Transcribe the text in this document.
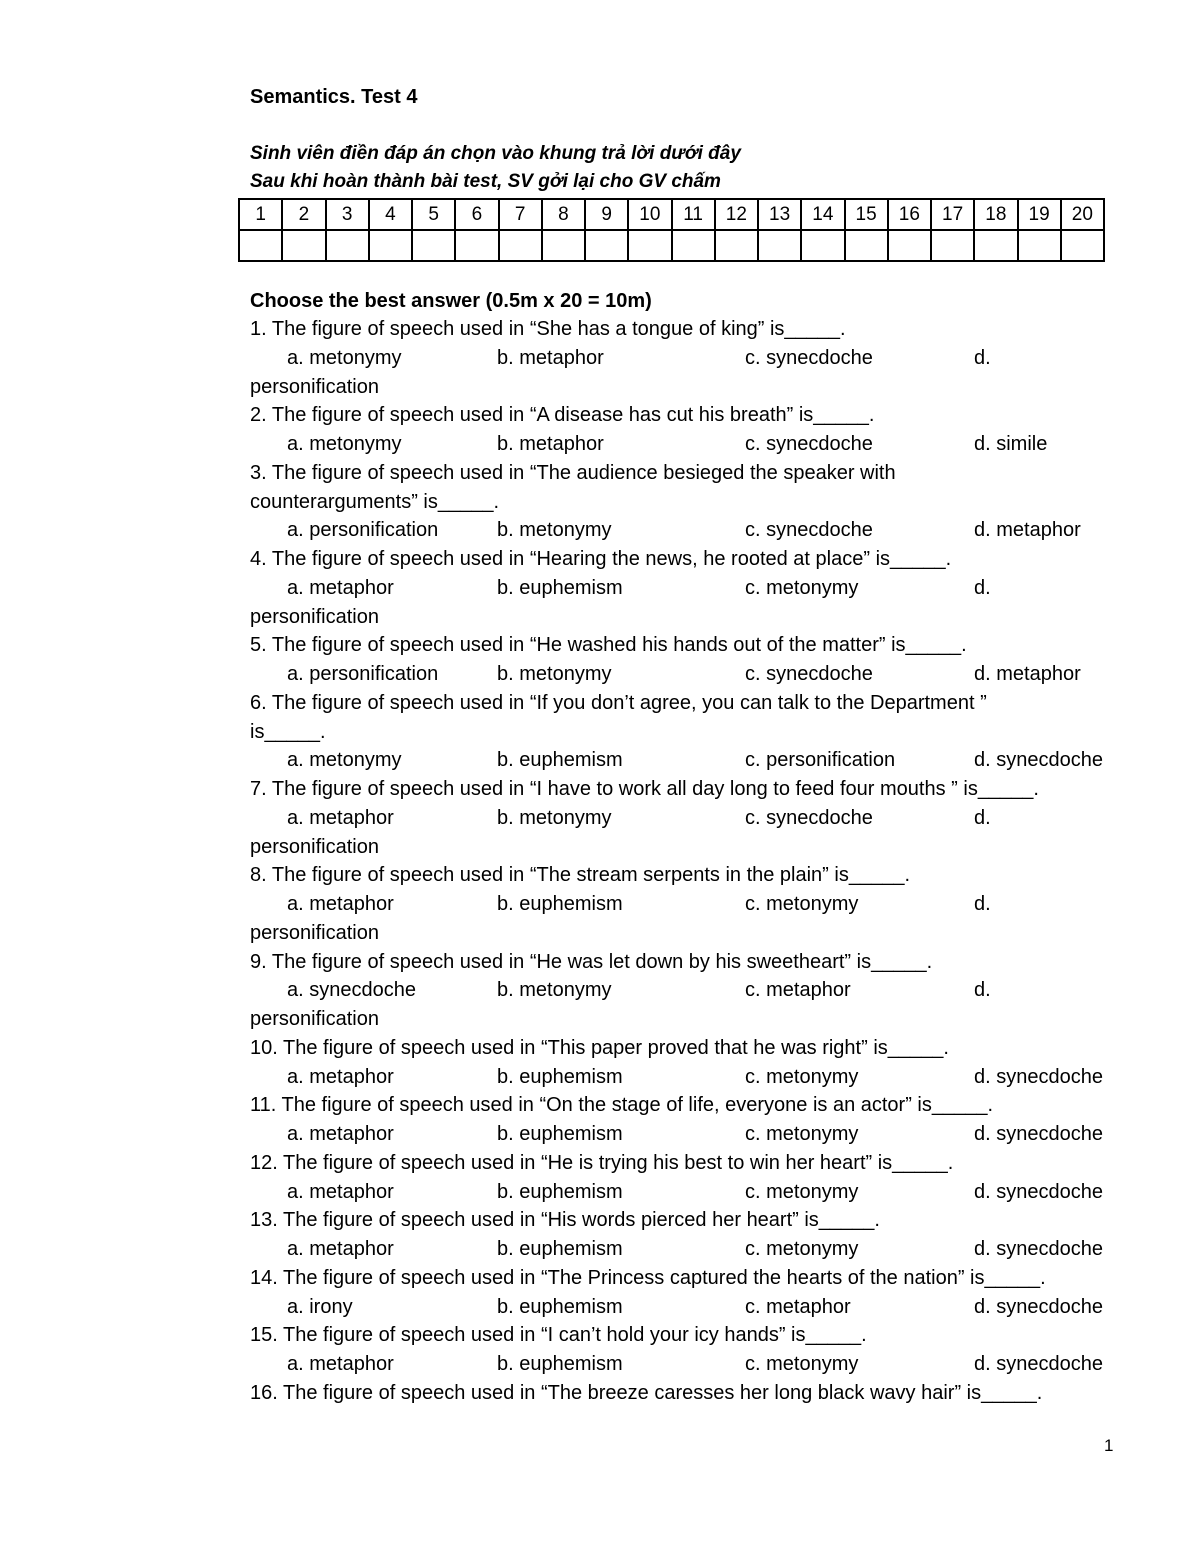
Semantics. Test 4
Sinh viên điền đáp án chọn vào khung trả lời dưới đây
Sau khi hoàn thành bài test, SV gởi lại cho GV chấm
1	2	3	4	5	6	7	8	9	10	11	12	13	14	15	16	17	18	19	20

Choose the best answer (0.5m x 20 = 10m)
1. The figure of speech used in “She has a tongue of king” is_____.
a. metonymy	b. metaphor	c. synecdoche	d.
personification
2. The figure of speech used in “A disease has cut his breath” is_____.
a. metonymy	b. metaphor	c. synecdoche	d. simile
3. The figure of speech used in “The audience besieged the speaker with
counterarguments” is_____.
a. personification	b. metonymy	c. synecdoche	d. metaphor
4. The figure of speech used in “Hearing the news, he rooted at place” is_____.
a. metaphor	b. euphemism	c. metonymy	d.
personification
5. The figure of speech used in “He washed his hands out of the matter” is_____.
a. personification	b. metonymy	c. synecdoche	d. metaphor
6. The figure of speech used in “If you don’t agree, you can talk to the Department ”
is_____.
a. metonymy	b. euphemism	c. personification	d. synecdoche
7. The figure of speech used in “I have to work all day long to feed four mouths ” is_____.
a. metaphor	b. metonymy	c. synecdoche	d.
personification
8. The figure of speech used in “The stream serpents in the plain” is_____.
a. metaphor	b. euphemism	c. metonymy	d.
personification
9. The figure of speech used in “He was let down by his sweetheart” is_____.
a. synecdoche	b. metonymy	c. metaphor	d.
personification
10. The figure of speech used in “This paper proved that he was right” is_____.
a. metaphor	b. euphemism	c. metonymy	d. synecdoche
11. The figure of speech used in “On the stage of life, everyone is an actor” is_____.
a. metaphor	b. euphemism	c. metonymy	d. synecdoche
12. The figure of speech used in “He is trying his best to win her heart” is_____.
a. metaphor	b. euphemism	c. metonymy	d. synecdoche
13. The figure of speech used in “His words pierced her heart” is_____.
a. metaphor	b. euphemism	c. metonymy	d. synecdoche
14. The figure of speech used in “The Princess captured the hearts of the nation” is_____.
a. irony	b. euphemism	c. metaphor	d. synecdoche
15. The figure of speech used in “I can’t hold your icy hands” is_____.
a. metaphor	b. euphemism	c. metonymy	d. synecdoche
16. The figure of speech used in “The breeze caresses her long black wavy hair” is_____.
1
